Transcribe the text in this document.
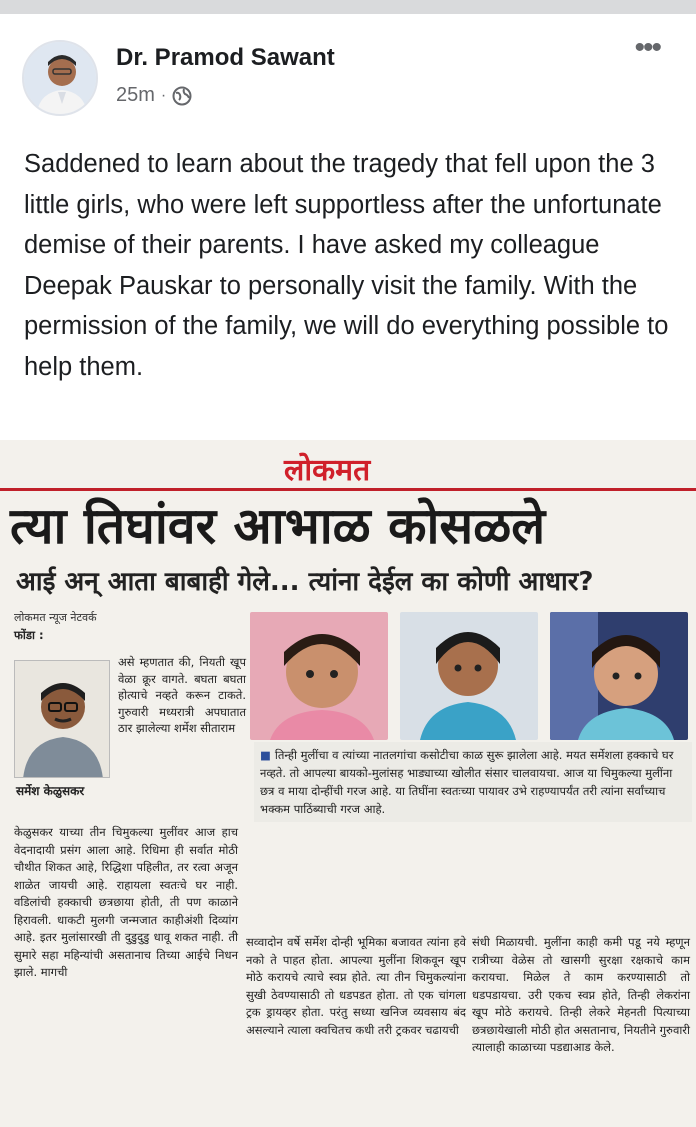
Dr. Pramod Sawant
25m ·
•••
Saddened to learn about the tragedy that fell upon the 3 little girls, who were left supportless after the unfortunate demise of their parents. I have asked my colleague Deepak Pauskar to personally visit the family. With the permission of the family, we will do everything possible to help them.
लोकमत
त्या तिघांवर आभाळ कोसळले
आई अन् आता बाबाही गेले... त्यांना देईल का कोणी आधार?
लोकमत न्यूज नेटवर्क
फोंडा :
असे म्हणतात की, नियती खूप वेळा क्रूर वागते. बघता बघता होत्याचे नव्हते करून टाकते. गुरुवारी मध्यरात्री अपघातात ठार झालेल्या शर्मेश सीताराम
सर्मेश केळुसकर
■ तिन्ही मुलींचा व त्यांच्या नातलगांचा कसोटीचा काळ सुरू झालेला आहे. मयत सर्मेशला हक्काचे घर नव्हते. तो आपल्या बायको-मुलांसह भाड्याच्या खोलीत संसार चालवायचा. आज या चिमुकल्या मुलींना छत्र व माया दोन्हींची गरज आहे. या तिघींना स्वतःच्या पायावर उभे राहण्यापर्यंत तरी त्यांना सर्वांच्याच भक्कम पाठिंब्याची गरज आहे.
केळुसकर याच्या तीन चिमुकल्या मुलींवर आज हाच वेदनादायी प्रसंग आला आहे. रिधिमा ही सर्वात मोठी चौथीत शिकत आहे, रिद्धिशा पहिलीत, तर रत्वा अजून शाळेत जायची आहे. राहायला स्वतःचे घर नाही. वडिलांची हक्काची छत्रछाया होती, ती पण काळाने हिरावली. धाकटी मुलगी जन्मजात काहीअंशी दिव्यांग आहे. इतर मुलांसारखी ती दुडुदुडु धावू शकत नाही. तीे सुमारे सहा महिन्यांची असतानाच तिच्या आईचे निधन झाले. मागची
सव्वादोन वर्षे सर्मेश दोन्ही भूमिका बजावत त्यांना हवे नको ते पाहत होता. आपल्या मुलींना शिकवून खूप मोठे करायचे त्याचे स्वप्न होते. त्या तीन चिमुकल्यांना सुखी ठेवण्यासाठी तो धडपडत होता. तो एक चांगला ट्रक ड्रायव्हर होता. परंतु सध्या खनिज व्यवसाय बंद असल्याने त्याला क्वचितच कधी तरी ट्रकवर चढायची
संधी मिळायची. मुलींना काही कमी पडू नये म्हणून रात्रीच्या वेळेस तो खासगी सुरक्षा रक्षकाचे काम करायचा. मिळेल ते काम करण्यासाठी तो धडपडायचा. उरी एकच स्वप्न होते, तिन्ही लेकरांना खूप मोठे करायचे. तिन्ही लेकरे मेहनती पित्याच्या छत्रछायेखाली मोठी होत असतानाच, नियतीने गुरुवारी त्यालाही काळाच्या पडद्याआड केले.
